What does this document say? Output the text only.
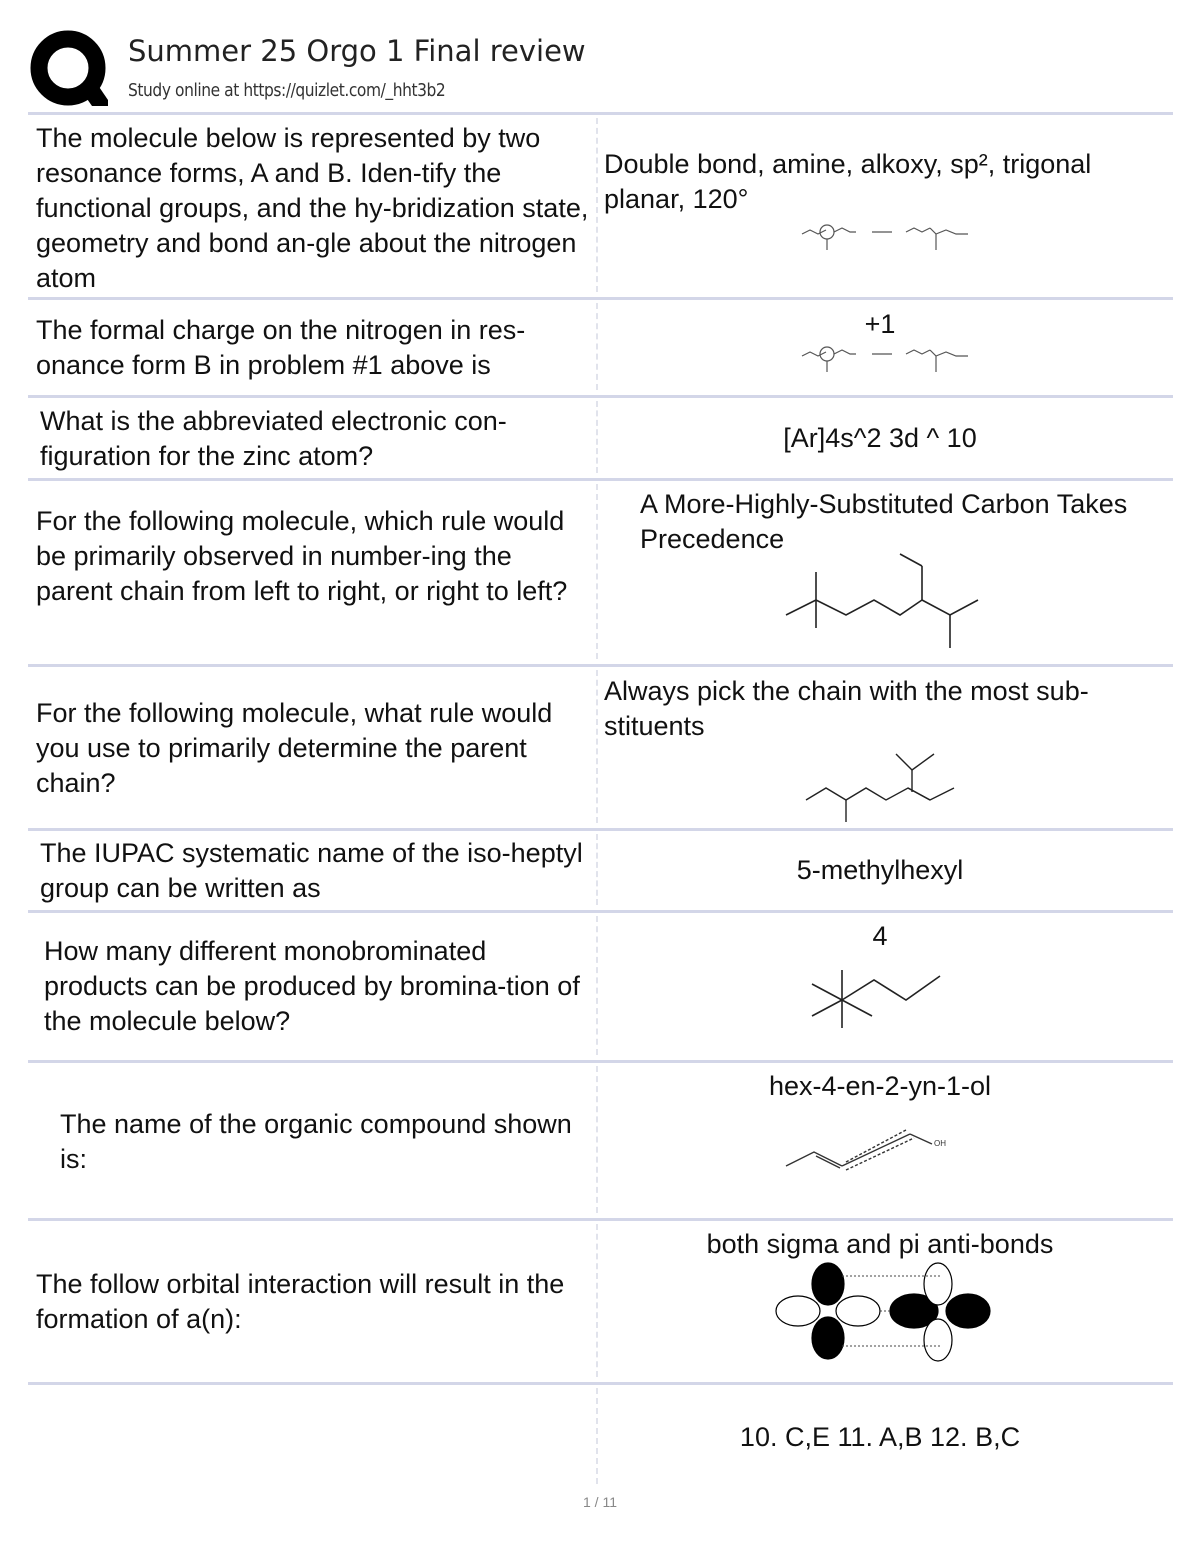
Summer 25 Orgo 1 Final review
Study online at https://quizlet.com/_hht3b2
The molecule below is represented by two resonance forms, A and B. Iden-tify the functional groups, and the hy-bridization state, geometry and bond an-gle about the nitrogen atom
Double bond, amine, alkoxy, sp², trigonal planar, 120°
The formal charge on the nitrogen in res-onance form B in problem #1 above is
+1
What is the abbreviated electronic con-figuration for the zinc atom?
[Ar]4s^2 3d ^ 10
For the following molecule, which rule would be primarily observed in number-ing the parent chain from left to right, or right to left?
A More-Highly-Substituted Carbon Takes Precedence
For the following molecule, what rule would you use to primarily determine the parent chain?
Always pick the chain with the most sub-stituents
The IUPAC systematic name of the iso-heptyl group can be written as
5-methylhexyl
How many different monobrominated products can be produced by bromina-tion of the molecule below?
4
The name of the organic compound shown is:
hex-4-en-2-yn-1-ol
OH
The follow orbital interaction will result in the formation of a(n):
both sigma and pi anti-bonds
10. C,E 11. A,B 12. B,C
1 / 11
